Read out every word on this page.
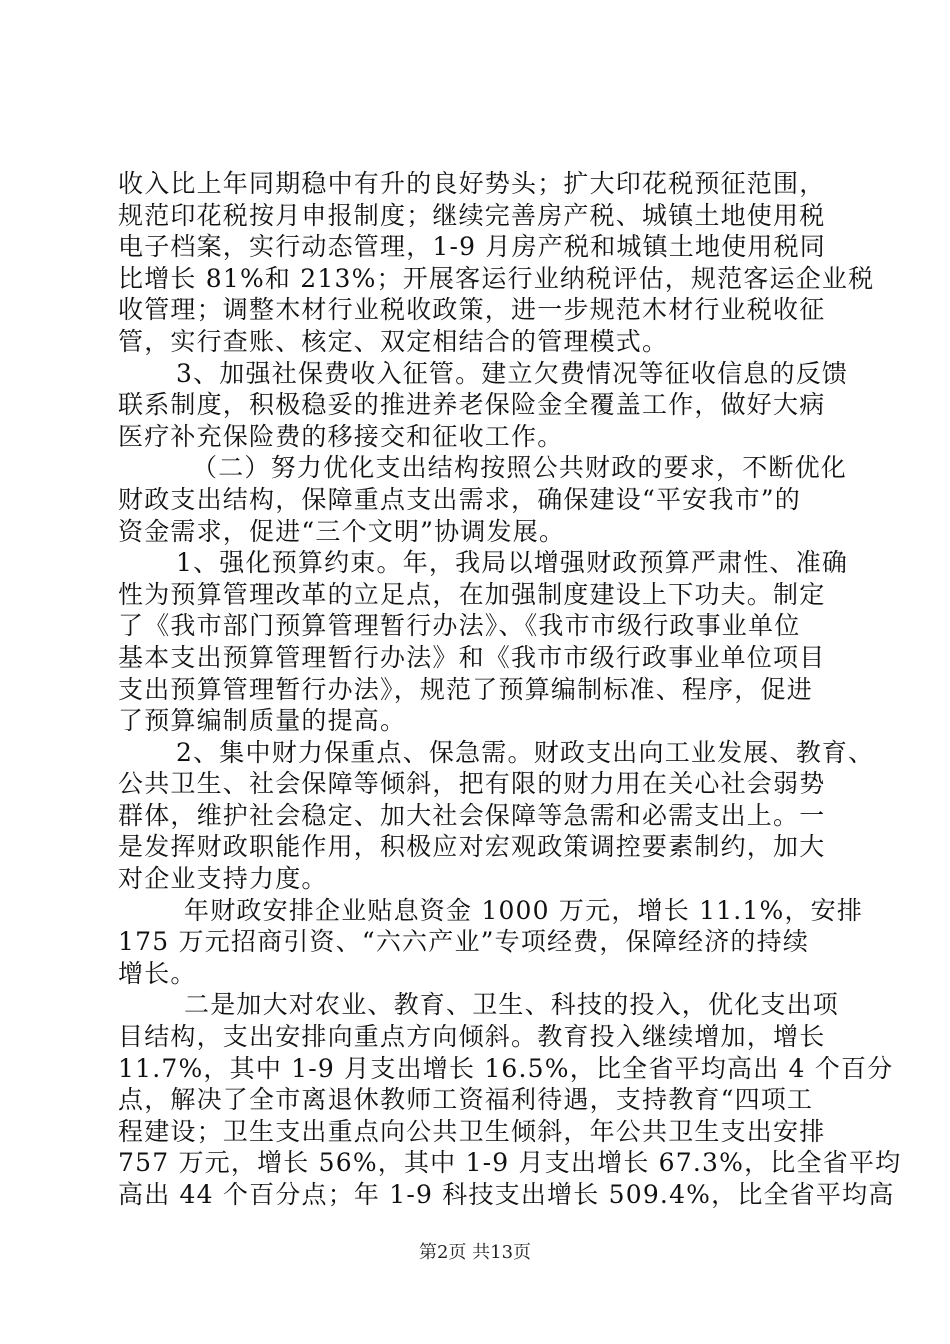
收入比上年同期稳中有升的良好势头；扩大印花税预征范围，
规范印花税按月申报制度；继续完善房产税、城镇土地使用税
电子档案，实行动态管理，1-9 月房产税和城镇土地使用税同
比增长 81%和 213%；开展客运行业纳税评估，规范客运企业税
收管理；调整木材行业税收政策，进一步规范木材行业税收征
管，实行查账、核定、双定相结合的管理模式。
3、加强社保费收入征管。建立欠费情况等征收信息的反馈
联系制度，积极稳妥的推进养老保险金全覆盖工作，做好大病
医疗补充保险费的移接交和征收工作。
（二）努力优化支出结构按照公共财政的要求，不断优化
财政支出结构，保障重点支出需求，确保建设“平安我市”的
资金需求，促进“三个文明”协调发展。
1、强化预算约束。年，我局以增强财政预算严肃性、准确
性为预算管理改革的立足点，在加强制度建设上下功夫。制定
了《我市部门预算管理暂行办法》、《我市市级行政事业单位
基本支出预算管理暂行办法》和《我市市级行政事业单位项目
支出预算管理暂行办法》，规范了预算编制标准、程序，促进
了预算编制质量的提高。
2、集中财力保重点、保急需。财政支出向工业发展、教育、
公共卫生、社会保障等倾斜，把有限的财力用在关心社会弱势
群体，维护社会稳定、加大社会保障等急需和必需支出上。一
是发挥财政职能作用，积极应对宏观政策调控要素制约，加大
对企业支持力度。
年财政安排企业贴息资金 1000 万元，增长 11.1%，安排
175 万元招商引资、“六六产业”专项经费，保障经济的持续
增长。
二是加大对农业、教育、卫生、科技的投入，优化支出项
目结构，支出安排向重点方向倾斜。教育投入继续增加，增长
11.7%，其中 1-9 月支出增长 16.5%，比全省平均高出 4 个百分
点，解决了全市离退休教师工资福利待遇，支持教育“四项工
程建设；卫生支出重点向公共卫生倾斜，年公共卫生支出安排
757 万元，增长 56%，其中 1-9 月支出增长 67.3%，比全省平均
高出 44 个百分点；年 1-9 科技支出增长 509.4%，比全省平均高
第2页 共13页
